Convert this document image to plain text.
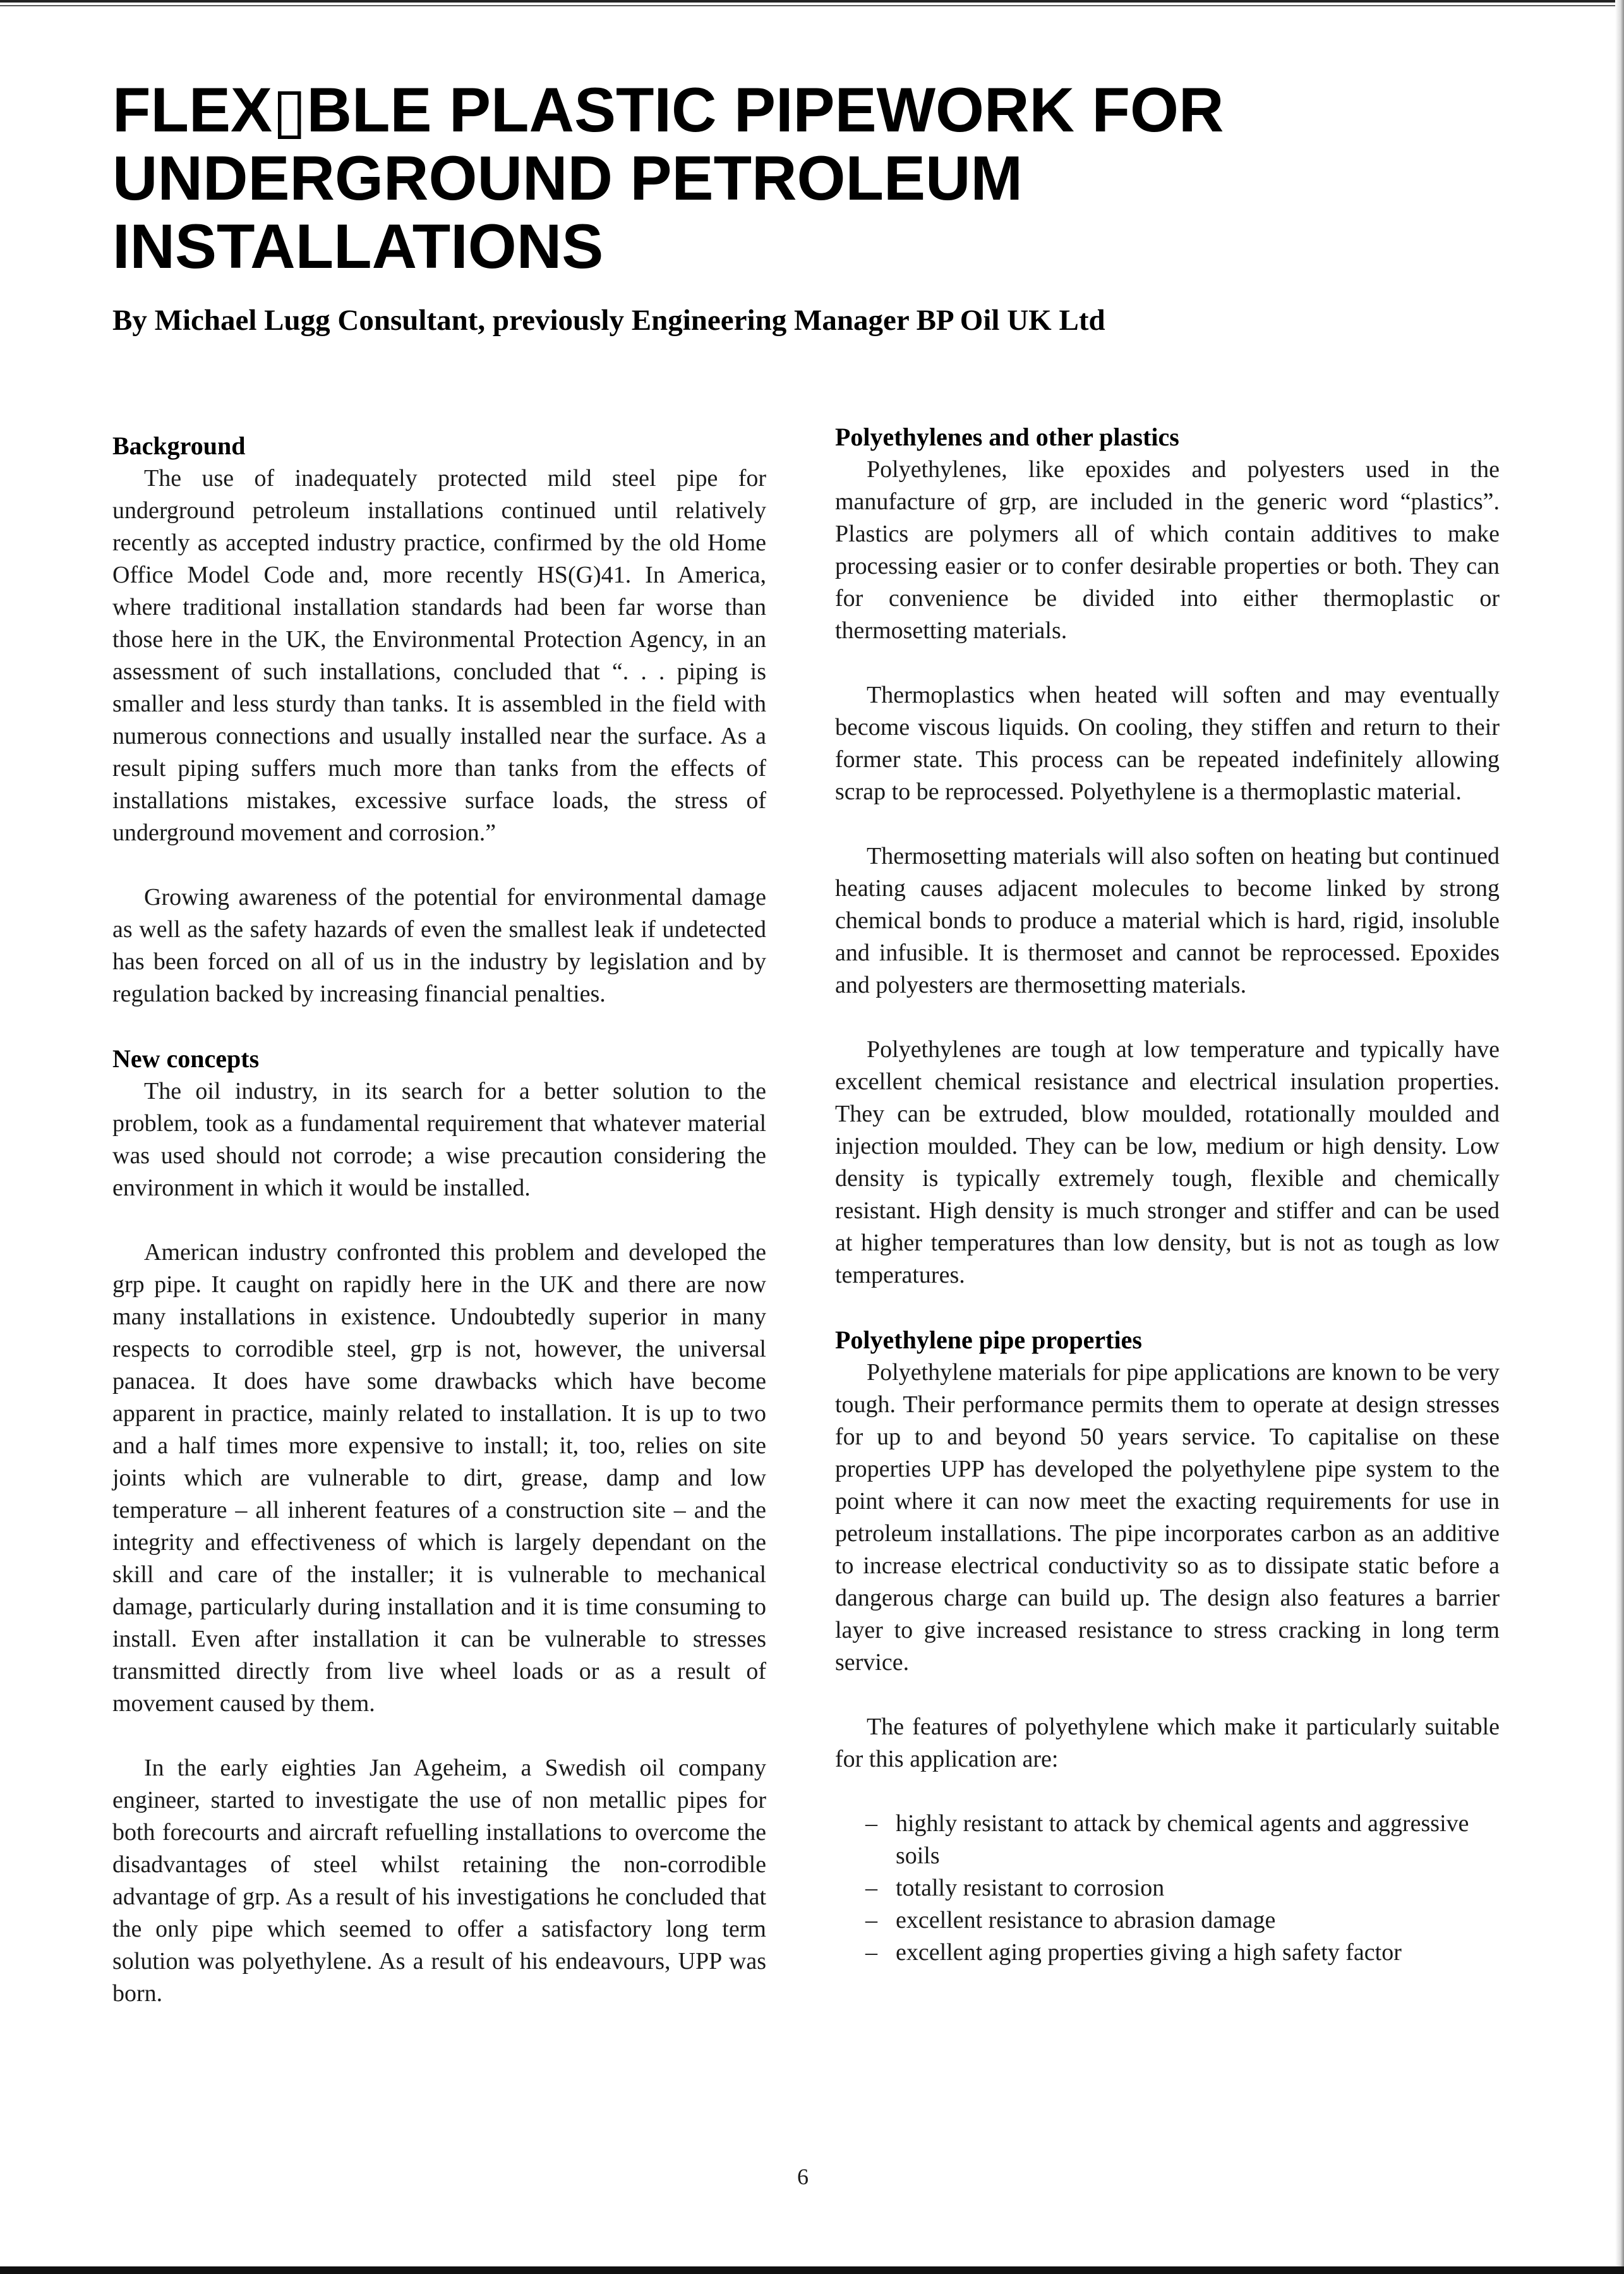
FLEX▯BLE PLASTIC PIPEWORK FOR UNDERGROUND PETROLEUM INSTALLATIONS

By Michael Lugg Consultant, previously Engineering Manager BP Oil UK Ltd

Background

The use of inadequately protected mild steel pipe for underground petroleum installations continued until relatively recently as accepted industry practice, confirmed by the old Home Office Model Code and, more recently HS(G)41. In America, where traditional installation standards had been far worse than those here in the UK, the Environmental Protection Agency, in an assessment of such installations, concluded that “. . . piping is smaller and less sturdy than tanks. It is assembled in the field with numerous connections and usually installed near the surface. As a result piping suffers much more than tanks from the effects of installations mistakes, excessive surface loads, the stress of underground movement and corrosion.”

Growing awareness of the potential for environmental damage as well as the safety hazards of even the smallest leak if undetected has been forced on all of us in the industry by legislation and by regulation backed by increasing financial penalties.

New concepts

The oil industry, in its search for a better solution to the problem, took as a fundamental requirement that whatever material was used should not corrode; a wise precaution considering the environment in which it would be installed.

American industry confronted this problem and developed the grp pipe. It caught on rapidly here in the UK and there are now many installations in existence. Undoubtedly superior in many respects to corrodible steel, grp is not, however, the universal panacea. It does have some drawbacks which have become apparent in practice, mainly related to installation. It is up to two and a half times more expensive to install; it, too, relies on site joints which are vulnerable to dirt, grease, damp and low temperature – all inherent features of a construction site – and the integrity and effectiveness of which is largely dependant on the skill and care of the installer; it is vulnerable to mechanical damage, particularly during installation and it is time consuming to install. Even after installation it can be vulnerable to stresses transmitted directly from live wheel loads or as a result of movement caused by them.

In the early eighties Jan Ageheim, a Swedish oil company engineer, started to investigate the use of non metallic pipes for both forecourts and aircraft refuelling installations to overcome the disadvantages of steel whilst retaining the non-corrodible advantage of grp. As a result of his investigations he concluded that the only pipe which seemed to offer a satisfactory long term solution was polyethylene. As a result of his endeavours, UPP was born.

Polyethylenes and other plastics

Polyethylenes, like epoxides and polyesters used in the manufacture of grp, are included in the generic word “plastics”. Plastics are polymers all of which contain additives to make processing easier or to confer desirable properties or both. They can for convenience be divided into either thermoplastic or thermosetting materials.

Thermoplastics when heated will soften and may eventually become viscous liquids. On cooling, they stiffen and return to their former state. This process can be repeated indefinitely allowing scrap to be reprocessed. Polyethylene is a thermoplastic material.

Thermosetting materials will also soften on heating but continued heating causes adjacent molecules to become linked by strong chemical bonds to produce a material which is hard, rigid, insoluble and infusible. It is thermoset and cannot be reprocessed. Epoxides and polyesters are thermosetting materials.

Polyethylenes are tough at low temperature and typically have excellent chemical resistance and electrical insulation properties. They can be extruded, blow moulded, rotationally moulded and injection moulded. They can be low, medium or high density. Low density is typically extremely tough, flexible and chemically resistant. High density is much stronger and stiffer and can be used at higher temperatures than low density, but is not as tough as low temperatures.

Polyethylene pipe properties

Polyethylene materials for pipe applications are known to be very tough. Their performance permits them to operate at design stresses for up to and beyond 50 years service. To capitalise on these properties UPP has developed the polyethylene pipe system to the point where it can now meet the exacting requirements for use in petroleum installations. The pipe incorporates carbon as an additive to increase electrical conductivity so as to dissipate static before a dangerous charge can build up. The design also features a barrier layer to give increased resistance to stress cracking in long term service.

The features of polyethylene which make it particularly suitable for this application are:

– highly resistant to attack by chemical agents and aggressive soils
– totally resistant to corrosion
– excellent resistance to abrasion damage
– excellent aging properties giving a high safety factor
6
